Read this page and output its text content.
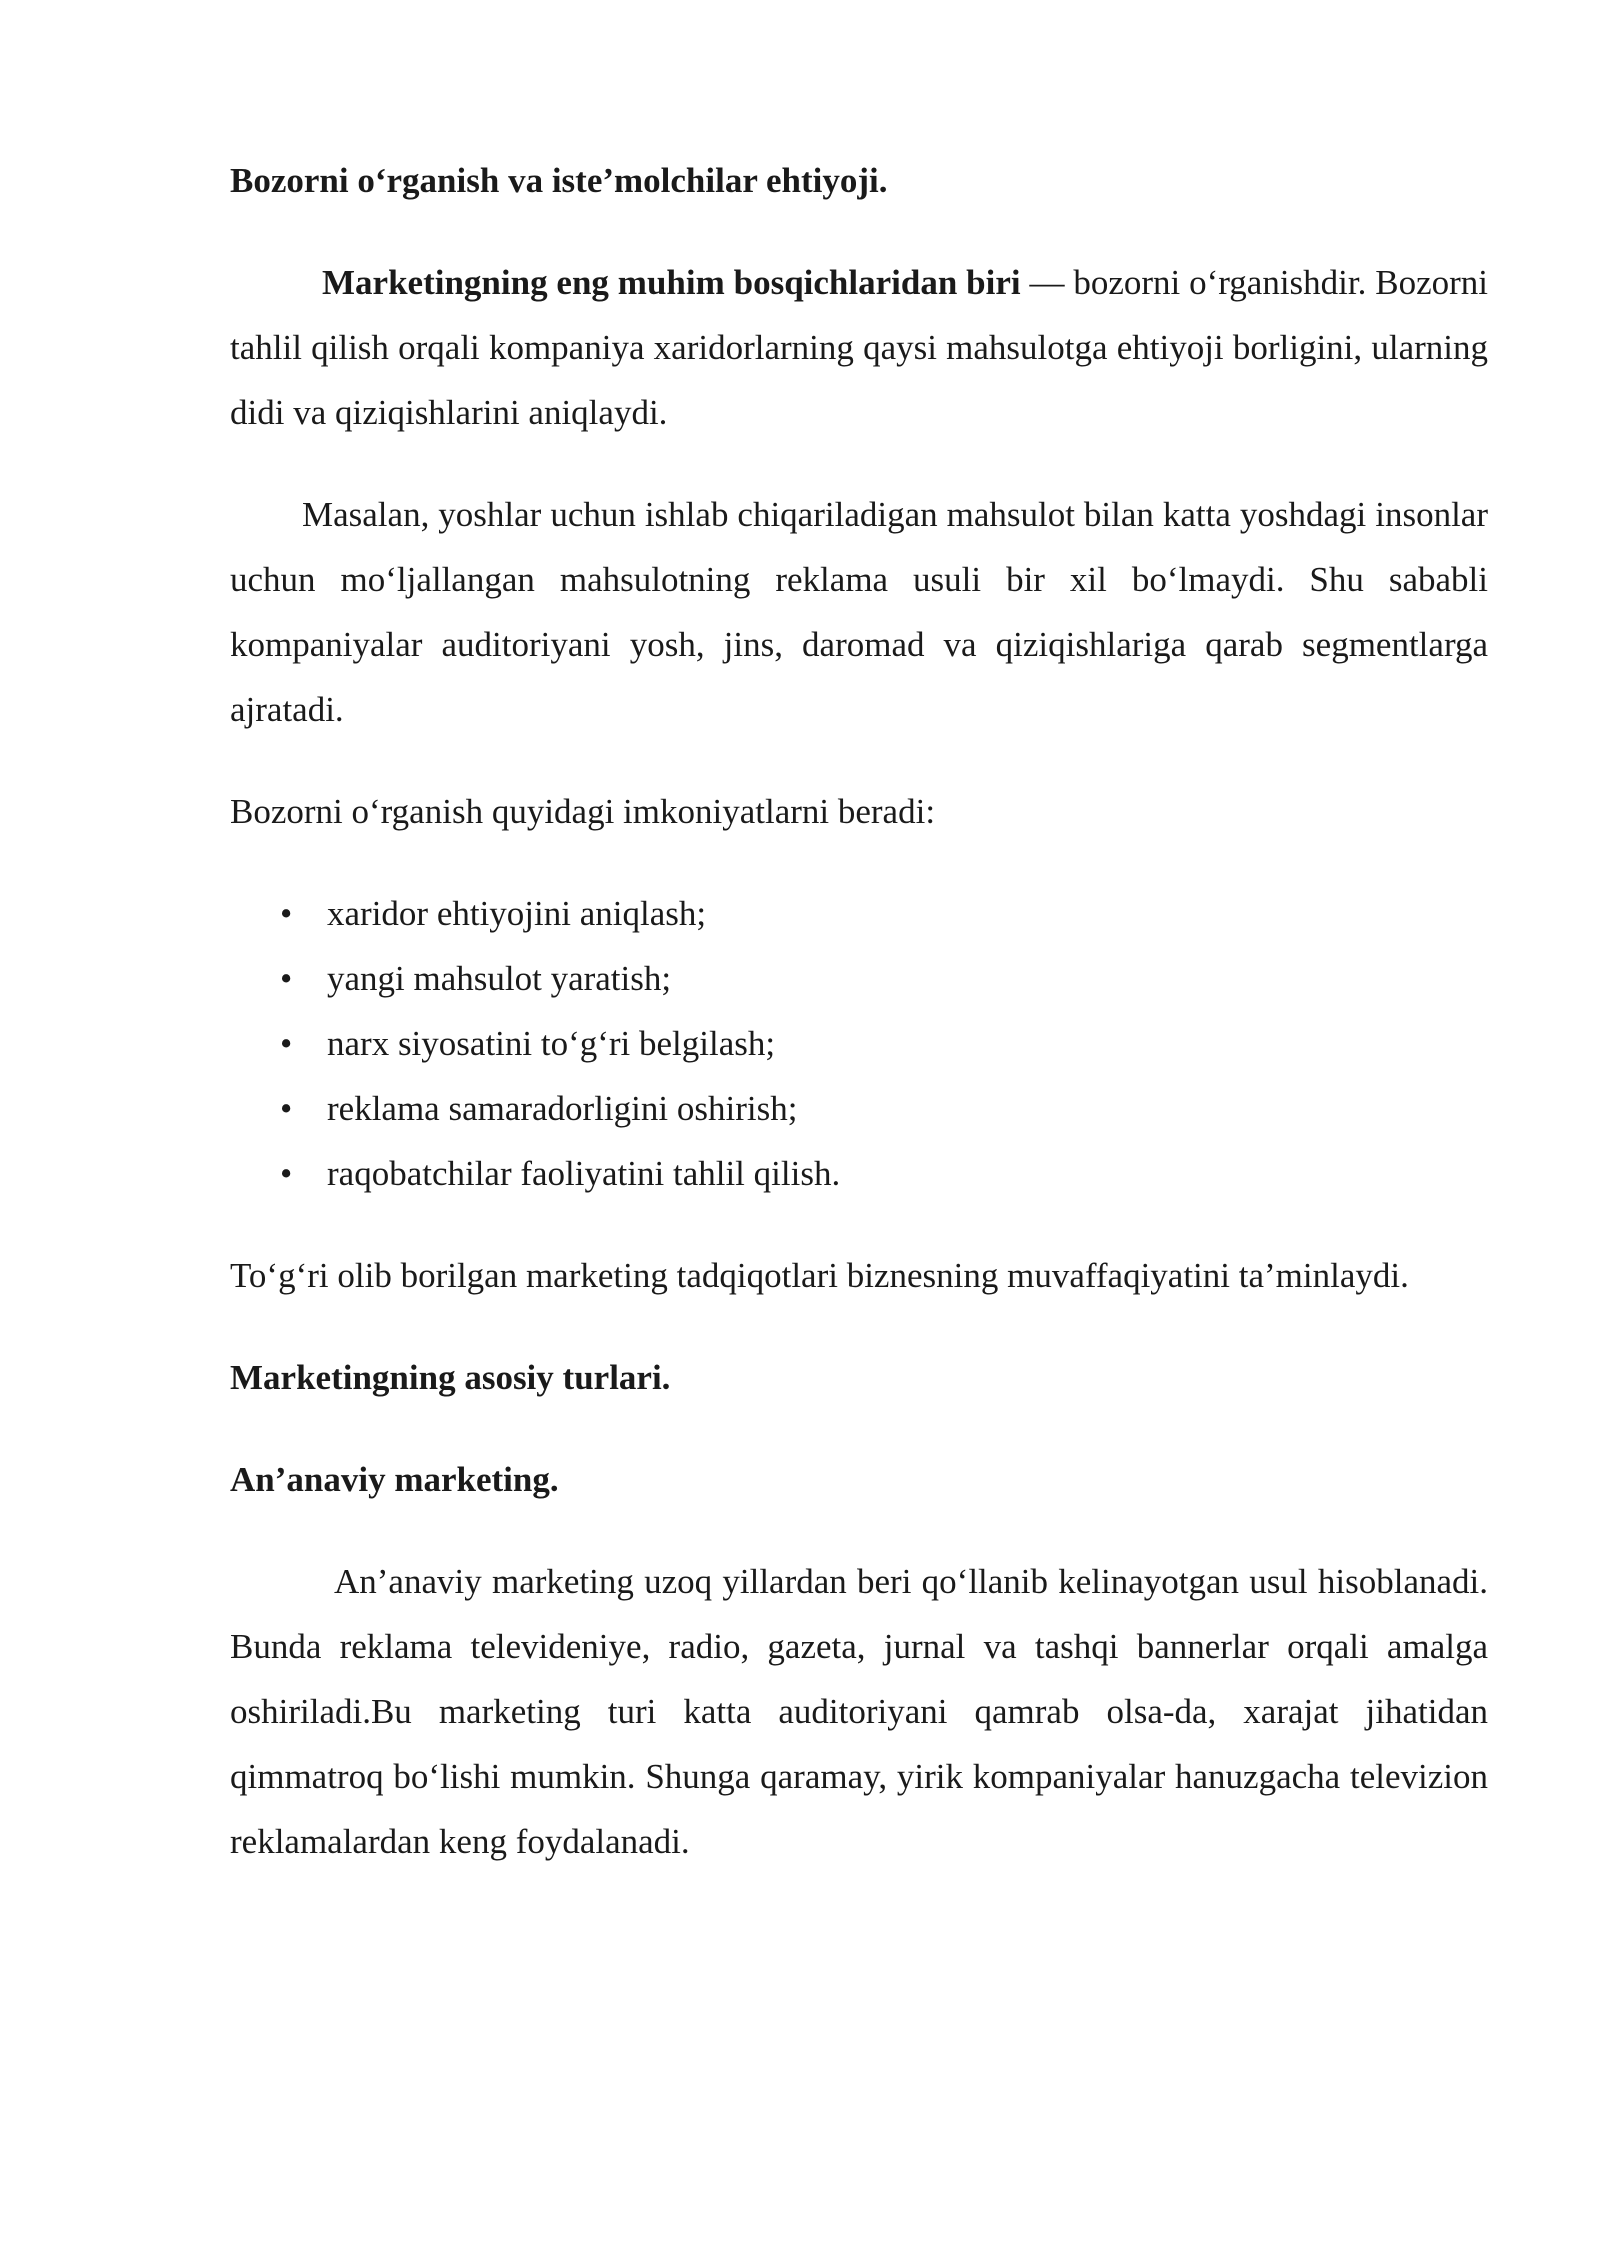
Bozorni o‘rganish va iste’molchilar ehtiyoji.

Marketingning eng muhim bosqichlaridan biri — bozorni o‘rganishdir. Bozorni tahlil qilish orqali kompaniya xaridorlarning qaysi mahsulotga ehtiyoji borligini, ularning didi va qiziqishlarini aniqlaydi.

Masalan, yoshlar uchun ishlab chiqariladigan mahsulot bilan katta yoshdagi insonlar uchun mo‘ljallangan mahsulotning reklama usuli bir xil bo‘lmaydi. Shu sababli kompaniyalar auditoriyani yosh, jins, daromad va qiziqishlariga qarab segmentlarga ajratadi.

Bozorni o‘rganish quyidagi imkoniyatlarni beradi:

• xaridor ehtiyojini aniqlash;
• yangi mahsulot yaratish;
• narx siyosatini to‘g‘ri belgilash;
• reklama samaradorligini oshirish;
• raqobatchilar faoliyatini tahlil qilish.

To‘g‘ri olib borilgan marketing tadqiqotlari biznesning muvaffaqiyatini ta’minlaydi.

Marketingning asosiy turlari.

An’anaviy marketing.

An’anaviy marketing uzoq yillardan beri qo‘llanib kelinayotgan usul hisoblanadi. Bunda reklama televideniye, radio, gazeta, jurnal va tashqi bannerlar orqali amalga oshiriladi.Bu marketing turi katta auditoriyani qamrab olsa-da, xarajat jihatidan qimmatroq bo‘lishi mumkin. Shunga qaramay, yirik kompaniyalar hanuzgacha televizion reklamalardan keng foydalanadi.
